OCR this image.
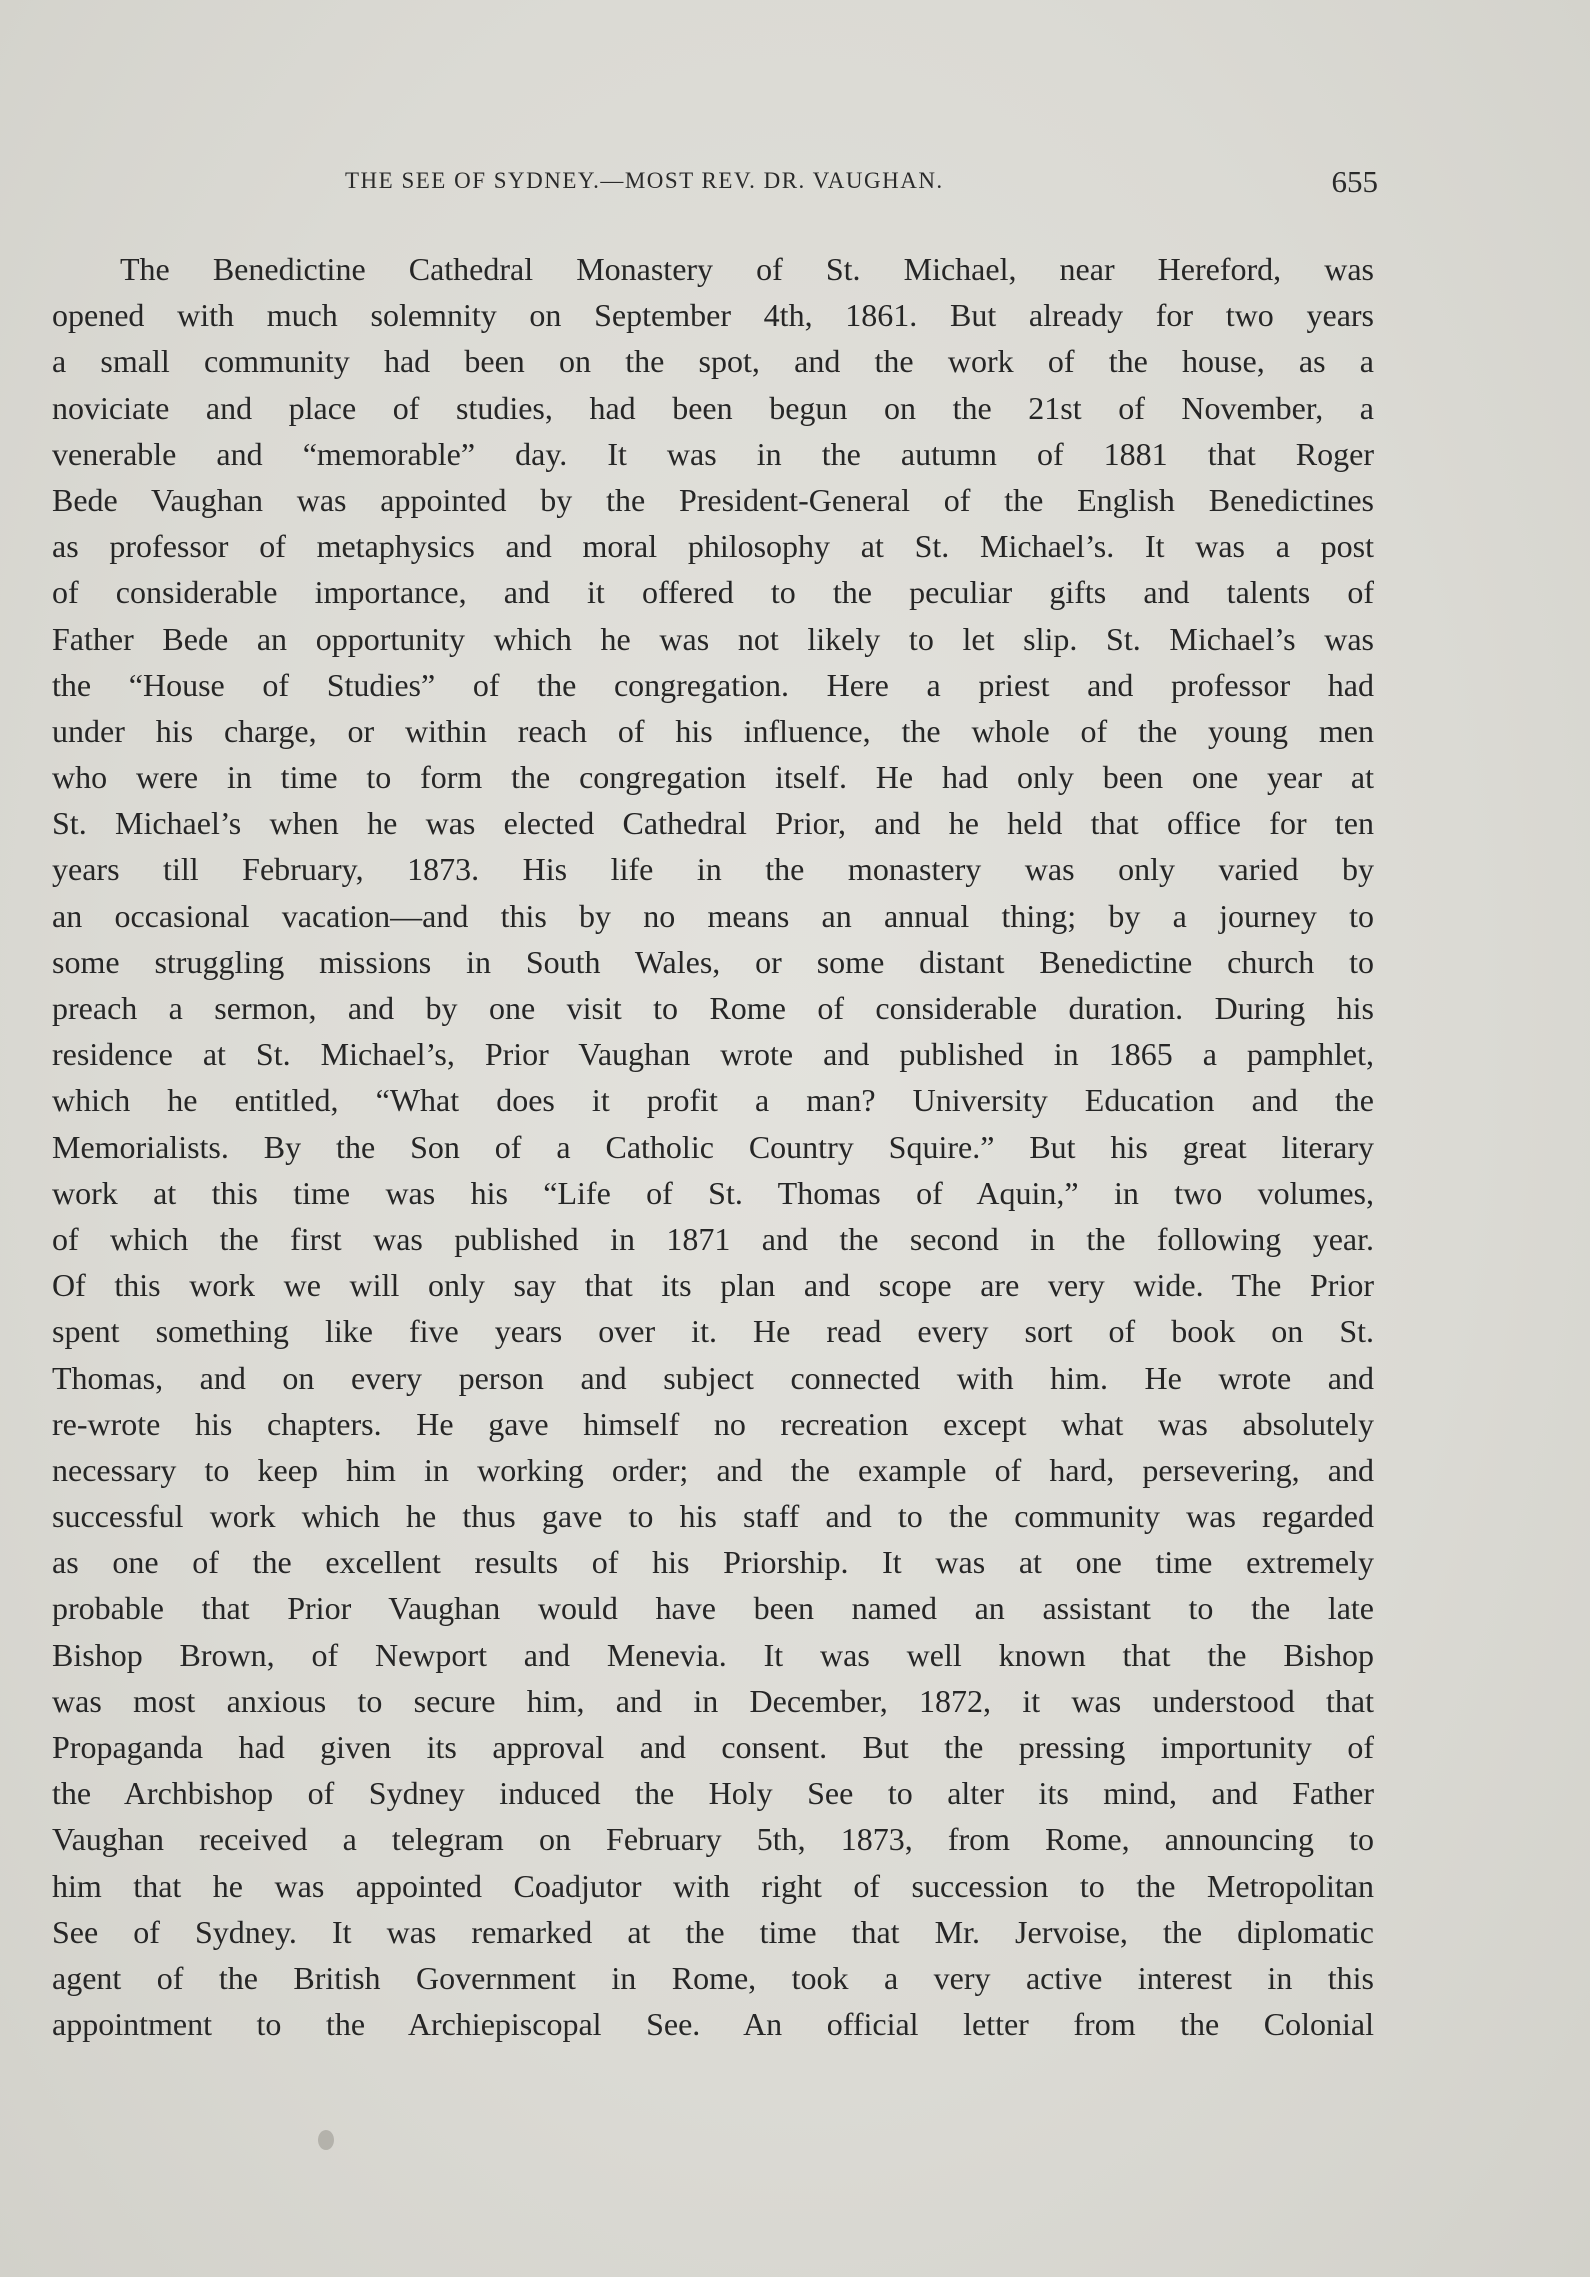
THE SEE OF SYDNEY.—MOST REV. DR. VAUGHAN.	655
The Benedictine Cathedral Monastery of St. Michael, near Hereford, was
opened with much solemnity on September 4th, 1861. But already for two years
a small community had been on the spot, and the work of the house, as a
noviciate and place of studies, had been begun on the 21st of November, a
venerable and “memorable” day. It was in the autumn of 1881 that Roger
Bede Vaughan was appointed by the President-General of the English Benedictines
as professor of metaphysics and moral philosophy at St. Michael’s. It was a post
of considerable importance, and it offered to the peculiar gifts and talents of
Father Bede an opportunity which he was not likely to let slip. St. Michael’s was
the “House of Studies” of the congregation. Here a priest and professor had
under his charge, or within reach of his influence, the whole of the young men
who were in time to form the congregation itself. He had only been one year at
St. Michael’s when he was elected Cathedral Prior, and he held that office for ten
years till February, 1873. His life in the monastery was only varied by
an occasional vacation—and this by no means an annual thing; by a journey to
some struggling missions in South Wales, or some distant Benedictine church to
preach a sermon, and by one visit to Rome of considerable duration. During his
residence at St. Michael’s, Prior Vaughan wrote and published in 1865 a pamphlet,
which he entitled, “What does it profit a man? University Education and the
Memorialists. By the Son of a Catholic Country Squire.” But his great literary
work at this time was his “Life of St. Thomas of Aquin,” in two volumes,
of which the first was published in 1871 and the second in the following year.
Of this work we will only say that its plan and scope are very wide. The Prior
spent something like five years over it. He read every sort of book on St.
Thomas, and on every person and subject connected with him. He wrote and
re-wrote his chapters. He gave himself no recreation except what was absolutely
necessary to keep him in working order; and the example of hard, persevering, and
successful work which he thus gave to his staff and to the community was regarded
as one of the excellent results of his Priorship. It was at one time extremely
probable that Prior Vaughan would have been named an assistant to the late
Bishop Brown, of Newport and Menevia. It was well known that the Bishop
was most anxious to secure him, and in December, 1872, it was understood that
Propaganda had given its approval and consent. But the pressing importunity of
the Archbishop of Sydney induced the Holy See to alter its mind, and Father
Vaughan received a telegram on February 5th, 1873, from Rome, announcing to
him that he was appointed Coadjutor with right of succession to the Metropolitan
See of Sydney. It was remarked at the time that Mr. Jervoise, the diplomatic
agent of the British Government in Rome, took a very active interest in this
appointment to the Archiepiscopal See. An official letter from the Colonial
